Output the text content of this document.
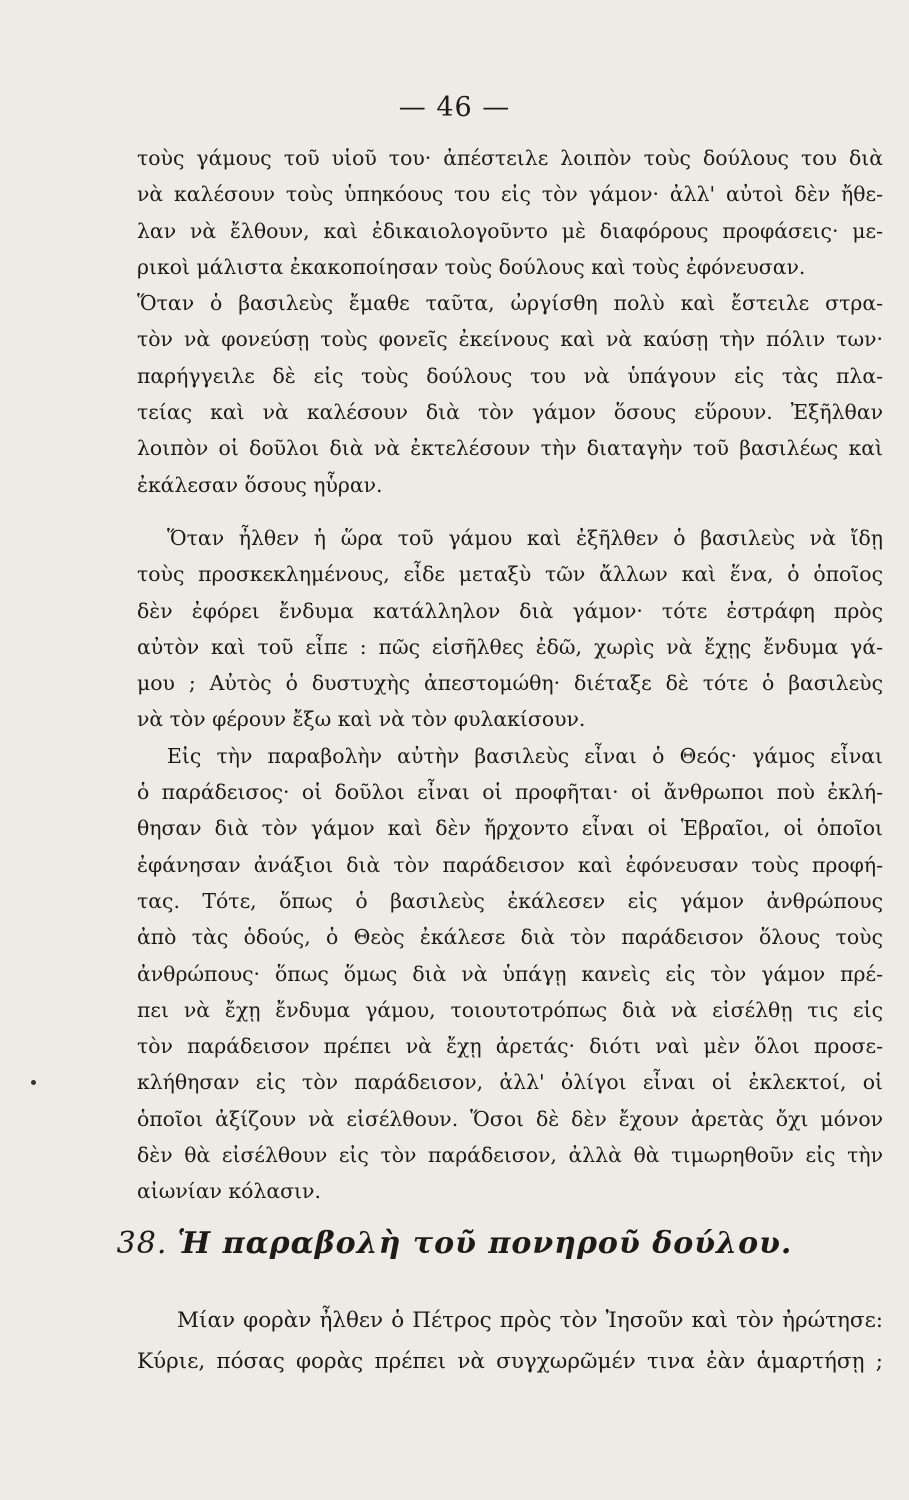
— 46 —
τοὺς γάμους τοῦ υἱοῦ του· ἀπέστειλε λοιπὸν τοὺς δούλους του διὰ
νὰ καλέσουν τοὺς ὑπηκόους του εἰς τὸν γάμον· ἀλλ' αὐτοὶ δὲν ἤθε-
λαν νὰ ἔλθουν, καὶ ἐδικαιολογοῦντο μὲ διαφόρους προφάσεις· με-
ρικοὶ μάλιστα ἐκακοποίησαν τοὺς δούλους καὶ τοὺς ἐφόνευσαν.
Ὅταν ὁ βασιλεὺς ἔμαθε ταῦτα, ὠργίσθη πολὺ καὶ ἔστειλε στρα-
τὸν νὰ φονεύσῃ τοὺς φονεῖς ἐκείνους καὶ νὰ καύσῃ τὴν πόλιν των·
παρήγγειλε δὲ εἰς τοὺς δούλους του νὰ ὑπάγουν εἰς τὰς πλα-
τείας καὶ νὰ καλέσουν διὰ τὸν γάμον ὅσους εὕρουν. Ἐξῆλθαν
λοιπὸν οἱ δοῦλοι διὰ νὰ ἐκτελέσουν τὴν διαταγὴν τοῦ βασιλέως καὶ
ἐκάλεσαν ὅσους ηὗραν.
Ὅταν ἦλθεν ἡ ὥρα τοῦ γάμου καὶ ἐξῆλθεν ὁ βασιλεὺς νὰ ἴδῃ
τοὺς προσκεκλημένους, εἶδε μεταξὺ τῶν ἄλλων καὶ ἕνα, ὁ ὁποῖος
δὲν ἐφόρει ἔνδυμα κατάλληλον διὰ γάμον· τότε ἐστράφη πρὸς
αὐτὸν καὶ τοῦ εἶπε : πῶς εἰσῆλθες ἐδῶ, χωρὶς νὰ ἔχῃς ἔνδυμα γά-
μου ; Αὐτὸς ὁ δυστυχὴς ἀπεστομώθη· διέταξε δὲ τότε ὁ βασιλεὺς
νὰ τὸν φέρουν ἔξω καὶ νὰ τὸν φυλακίσουν.
Εἰς τὴν παραβολὴν αὐτὴν βασιλεὺς εἶναι ὁ Θεός· γάμος εἶναι
ὁ παράδεισος· οἱ δοῦλοι εἶναι οἱ προφῆται· οἱ ἄνθρωποι ποὺ ἐκλή-
θησαν διὰ τὸν γάμον καὶ δὲν ἤρχοντο εἶναι οἱ Ἑβραῖοι, οἱ ὁποῖοι
ἐφάνησαν ἀνάξιοι διὰ τὸν παράδεισον καὶ ἐφόνευσαν τοὺς προφή-
τας. Τότε, ὅπως ὁ βασιλεὺς ἐκάλεσεν εἰς γάμον ἀνθρώπους
ἀπὸ τὰς ὁδούς, ὁ Θεὸς ἐκάλεσε διὰ τὸν παράδεισον ὅλους τοὺς
ἀνθρώπους· ὅπως ὅμως διὰ νὰ ὑπάγῃ κανεὶς εἰς τὸν γάμον πρέ-
πει νὰ ἔχῃ ἔνδυμα γάμου, τοιουτοτρόπως διὰ νὰ εἰσέλθῃ τις εἰς
τὸν παράδεισον πρέπει νὰ ἔχῃ ἀρετάς· διότι ναὶ μὲν ὅλοι προσε-
κλήθησαν εἰς τὸν παράδεισον, ἀλλ' ὀλίγοι εἶναι οἱ ἐκλεκτοί, οἱ
ὁποῖοι ἀξίζουν νὰ εἰσέλθουν. Ὅσοι δὲ δὲν ἔχουν ἀρετὰς ὄχι μόνον
δὲν θὰ εἰσέλθουν εἰς τὸν παράδεισον, ἀλλὰ θὰ τιμωρηθοῦν εἰς τὴν
αἰωνίαν κόλασιν.
38. Ἡ παραβολὴ τοῦ πονηροῦ δούλου.
Μίαν φορὰν ἦλθεν ὁ Πέτρος πρὸς τὸν Ἰησοῦν καὶ τὸν ἠρώτησε:
Κύριε, πόσας φορὰς πρέπει νὰ συγχωρῶμέν τινα ἐὰν ἁμαρτήσῃ ;
